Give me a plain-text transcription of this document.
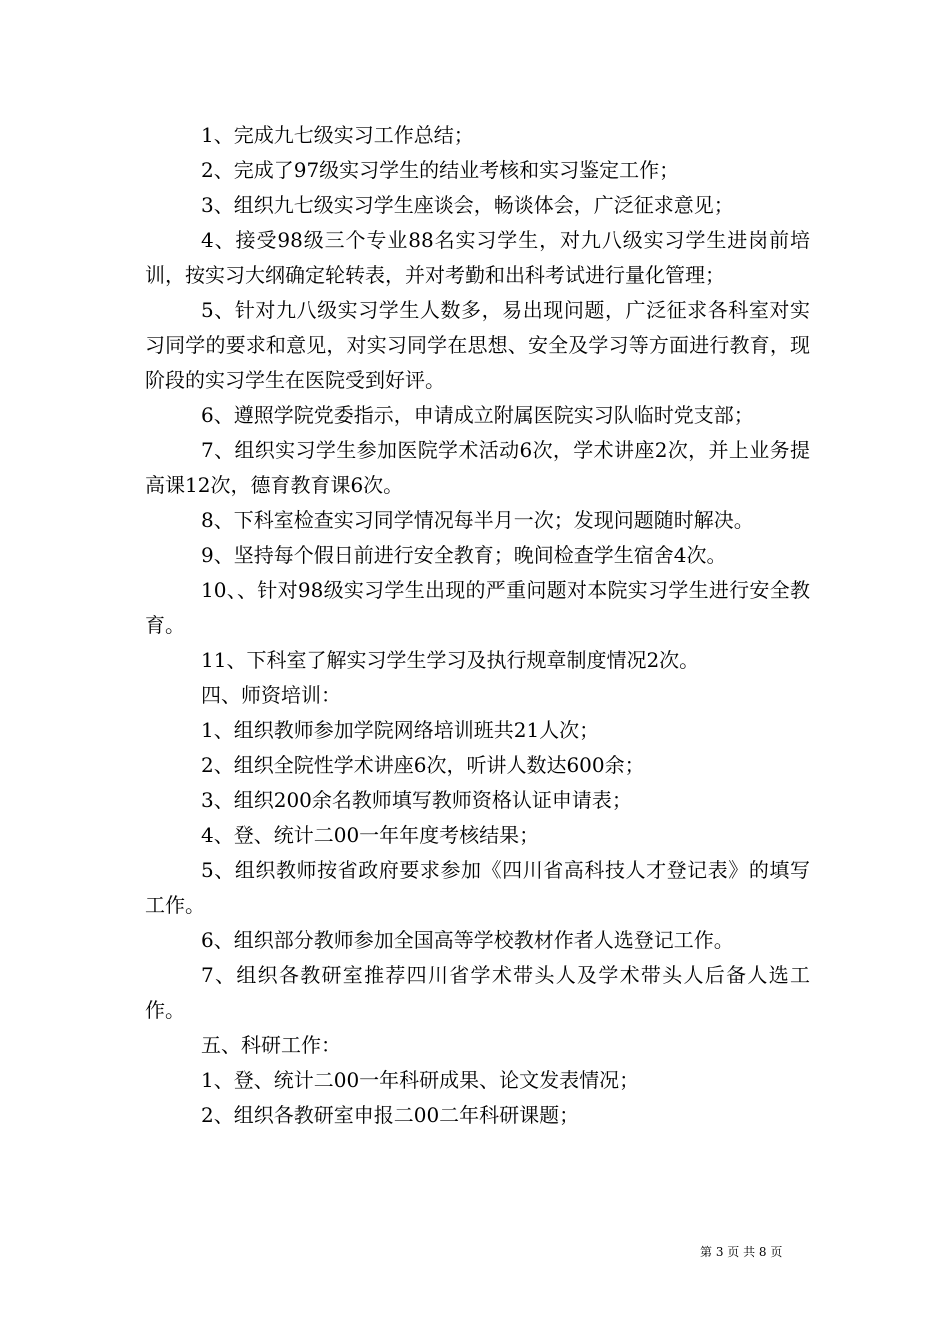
1、完成九七级实习工作总结；

2、完成了97级实习学生的结业考核和实习鉴定工作；

3、组织九七级实习学生座谈会，畅谈体会，广泛征求意见；

4、接受98级三个专业88名实习学生，对九八级实习学生进岗前培训，按实习大纲确定轮转表，并对考勤和出科考试进行量化管理；

5、针对九八级实习学生人数多，易出现问题，广泛征求各科室对实习同学的要求和意见，对实习同学在思想、安全及学习等方面进行教育，现阶段的实习学生在医院受到好评。

6、遵照学院党委指示，申请成立附属医院实习队临时党支部；

7、组织实习学生参加医院学术活动6次，学术讲座2次，并上业务提高课12次，德育教育课6次。

8、下科室检查实习同学情况每半月一次；发现问题随时解决。

9、坚持每个假日前进行安全教育；晚间检查学生宿舍4次。

10、、针对98级实习学生出现的严重问题对本院实习学生进行安全教育。

11、下科室了解实习学生学习及执行规章制度情况2次。

四、师资培训：

1、组织教师参加学院网络培训班共21人次；

2、组织全院性学术讲座6次，听讲人数达600余；

3、组织200余名教师填写教师资格认证申请表；

4、登、统计二00一年年度考核结果；

5、组织教师按省政府要求参加《四川省高科技人才登记表》的填写工作。

6、组织部分教师参加全国高等学校教材作者人选登记工作。

7、组织各教研室推荐四川省学术带头人及学术带头人后备人选工作。

五、科研工作：

1、登、统计二00一年科研成果、论文发表情况；

2、组织各教研室申报二00二年科研课题；

第 3 页 共 8 页
